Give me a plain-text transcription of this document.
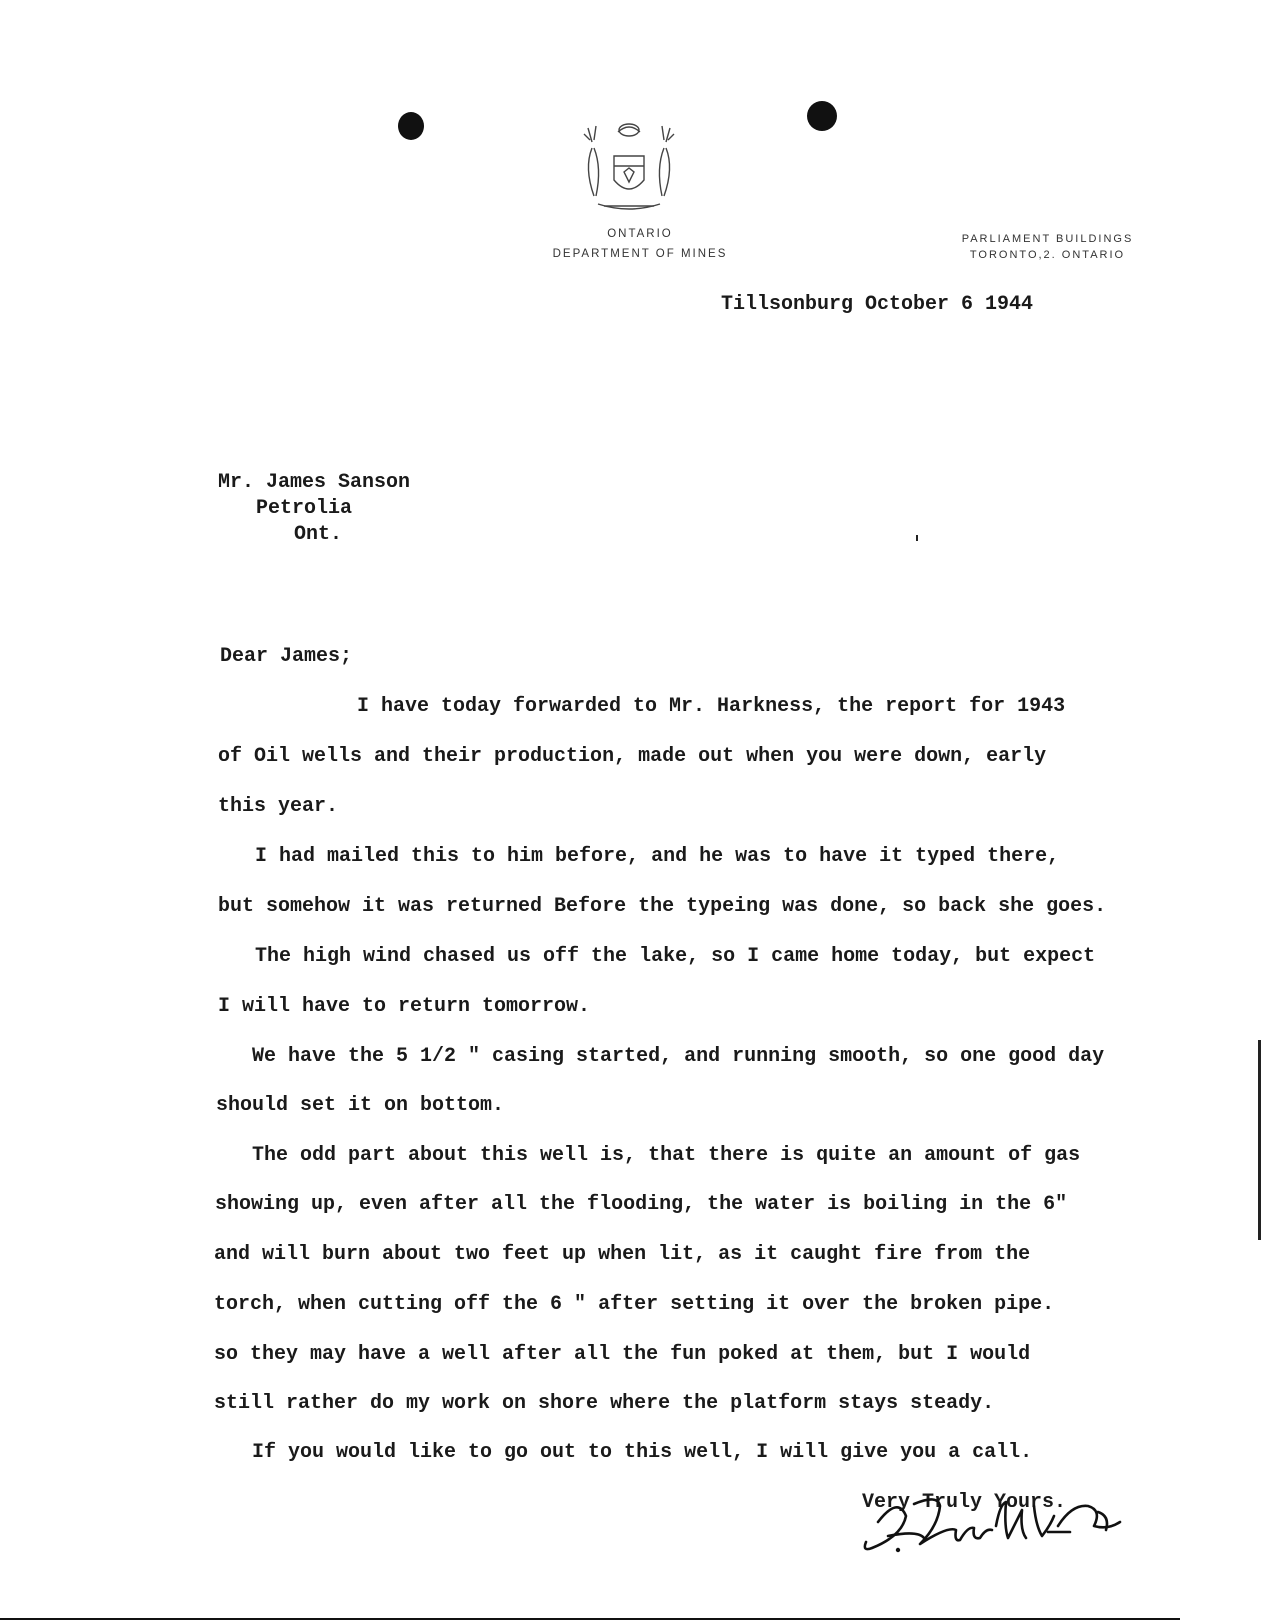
ONTARIO
DEPARTMENT OF MINES
PARLIAMENT BUILDINGS
TORONTO,2. ONTARIO
Tillsonburg October 6 1944
Mr. James Sanson
Petrolia
Ont.
Dear James;
I have today forwarded to Mr. Harkness, the report for 1943
of Oil wells and their production, made out when you were down, early
this year.
I had mailed this to him before, and he was to have it typed there,
but somehow it was returned Before the typeing was done, so back she goes.
The high wind chased us off the lake, so I came home today, but expect
I will have to return tomorrow.
We have the 5 1/2 " casing started, and running smooth, so one good day
should set it on bottom.
The odd part about this well is, that there is quite an amount of gas
showing up, even after all the flooding, the water is boiling in the 6"
and will burn about two feet up when lit, as it caught fire from the
torch, when cutting off the 6 " after setting it over the broken pipe.
so they may have a well after all the fun poked at them, but I would
still rather do my work on shore where the platform stays steady.
If you would like to go out to this well, I will give you a call.
Very Truly Yours.
